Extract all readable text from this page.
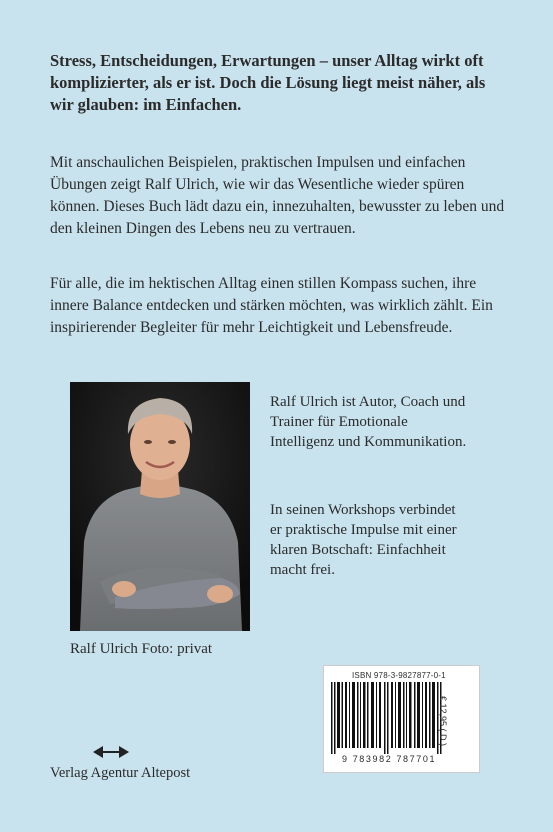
Stress, Entscheidungen, Erwartungen – unser Alltag wirkt oft komplizierter, als er ist. Doch die Lösung liegt meist näher, als wir glauben: im Einfachen.
Mit anschaulichen Beispielen, praktischen Impulsen und einfachen Übungen zeigt Ralf Ulrich, wie wir das Wesentliche wieder spüren können. Dieses Buch lädt dazu ein, innezuhalten, bewusster zu leben und den kleinen Dingen des Lebens neu zu vertrauen.
Für alle, die im hektischen Alltag einen stillen Kompass suchen, ihre innere Balance entdecken und stärken möchten, was wirklich zählt. Ein inspirierender Begleiter für mehr Leichtigkeit und Lebensfreude.
Ralf Ulrich Foto: privat
Ralf Ulrich ist Autor, Coach und Trainer für Emotionale Intelligenz und Kommunikation.
In seinen Workshops verbindet er praktische Impulse mit einer klaren Botschaft: Einfachheit macht frei.
ISBN 978-3-9827877-0-1
9 783982 787701
€ 12,95 ( D )
Verlag Agentur Altepost
